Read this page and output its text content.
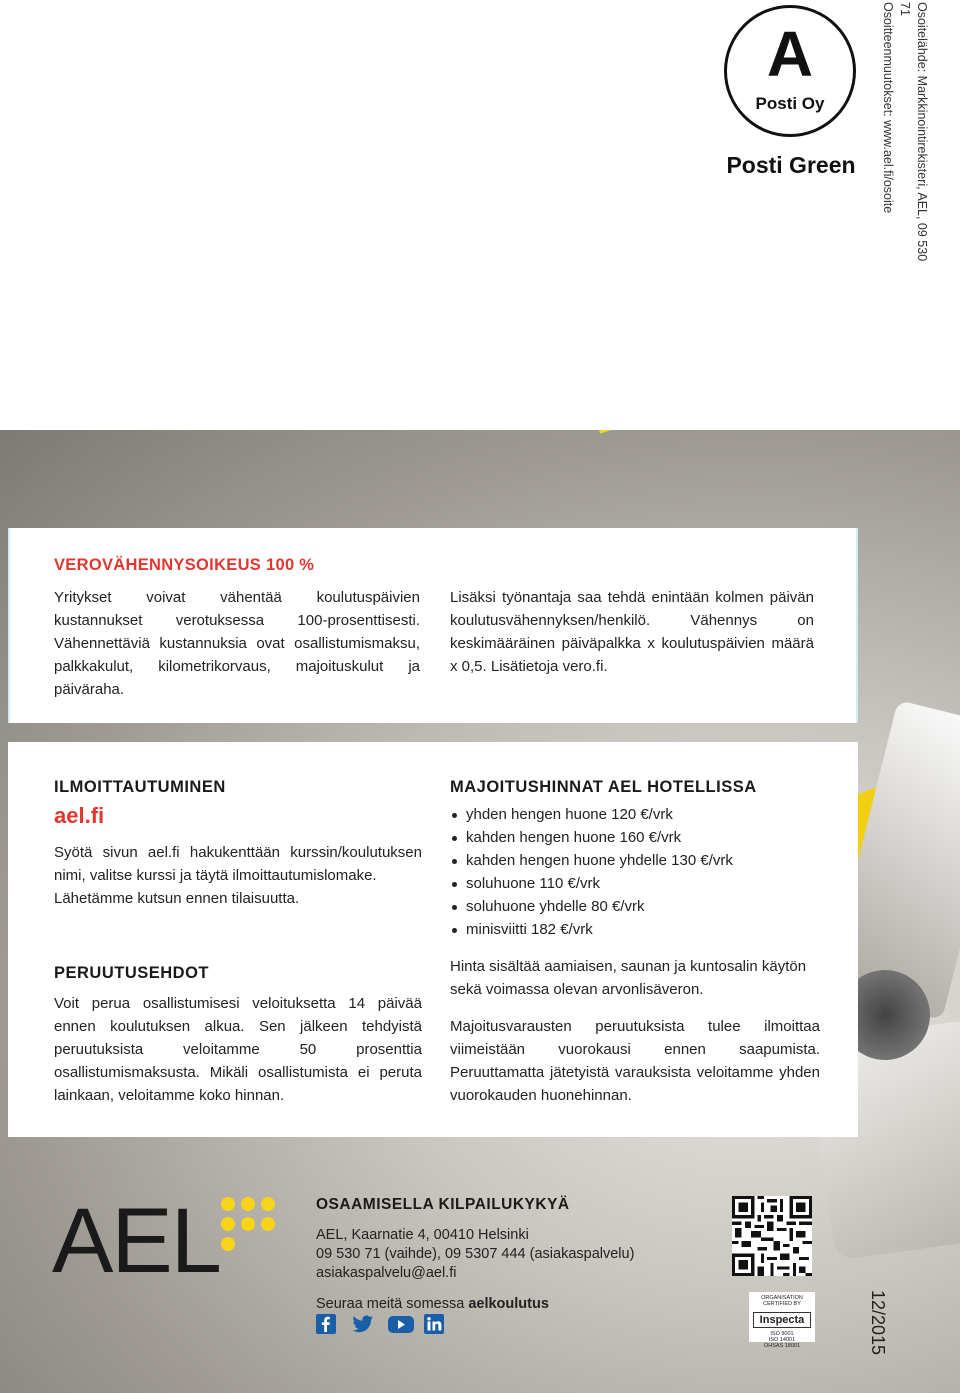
A
Posti Oy
Posti Green	Osoitelähde: Markkinointirekisteri, AEL, 09 530 71
Osoitteenmuutokset: www.ael.fi/osoite
VEROVÄHENNYSOIKEUS 100 %

Yritykset voivat vähentää koulutuspäivien kustannukset verotuksessa 100-prosenttisesti. Vähennettäviä kustannuksia ovat osallistumismaksu, palkkakulut, kilometrikorvaus, majoituskulut ja päiväraha.

Lisäksi työnantaja saa tehdä enintään kolmen päivän koulutusvähennyksen/henkilö. Vähennys on keskimääräinen päiväpalkka x koulutuspäivien määrä x 0,5. Lisätietoja vero.fi.

ILMOITTAUTUMINEN
ael.fi

Syötä sivun ael.fi hakukenttään kurssin/koulutuksen nimi, valitse kurssi ja täytä ilmoittautumislomake.

Lähetämme kutsun ennen tilaisuutta.

PERUUTUSEHDOT

Voit perua osallistumisesi veloituksetta 14 päivää ennen koulutuksen alkua. Sen jälkeen tehdyistä peruutuksista veloitamme 50 prosenttia osallistumismaksusta. Mikäli osallistumista ei peruta lainkaan, veloitamme koko hinnan.

MAJOITUSHINNAT AEL HOTELLISSA
yhden hengen huone 120 €/vrk
kahden hengen huone 160 €/vrk
kahden hengen huone yhdelle 130 €/vrk
soluhuone 110 €/vrk
soluhuone yhdelle 80 €/vrk
minisviitti 182 €/vrk

Hinta sisältää aamiaisen, saunan ja kuntosalin käytön sekä voimassa olevan arvonlisäveron.

Majoitusvarausten peruutuksista tulee ilmoittaa viimeistään vuorokausi ennen saapumista. Peruuttamatta jätetyistä varauksista veloitamme yhden vuorokauden huonehinnan.

AEL	OSAAMISELLA KILPAILUKYKYÄ
AEL, Kaarnatie 4, 00410 Helsinki
09 530 71 (vaihde), 09 5307 444 (asiakaspalvelu)
asiakaspalvelu@ael.fi
Seuraa meitä somessa aelkoulutus	ORGANISATION CERTIFIED BY
Inspecta
ISO 9001
ISO 14001
OHSAS 18001	12/2015
